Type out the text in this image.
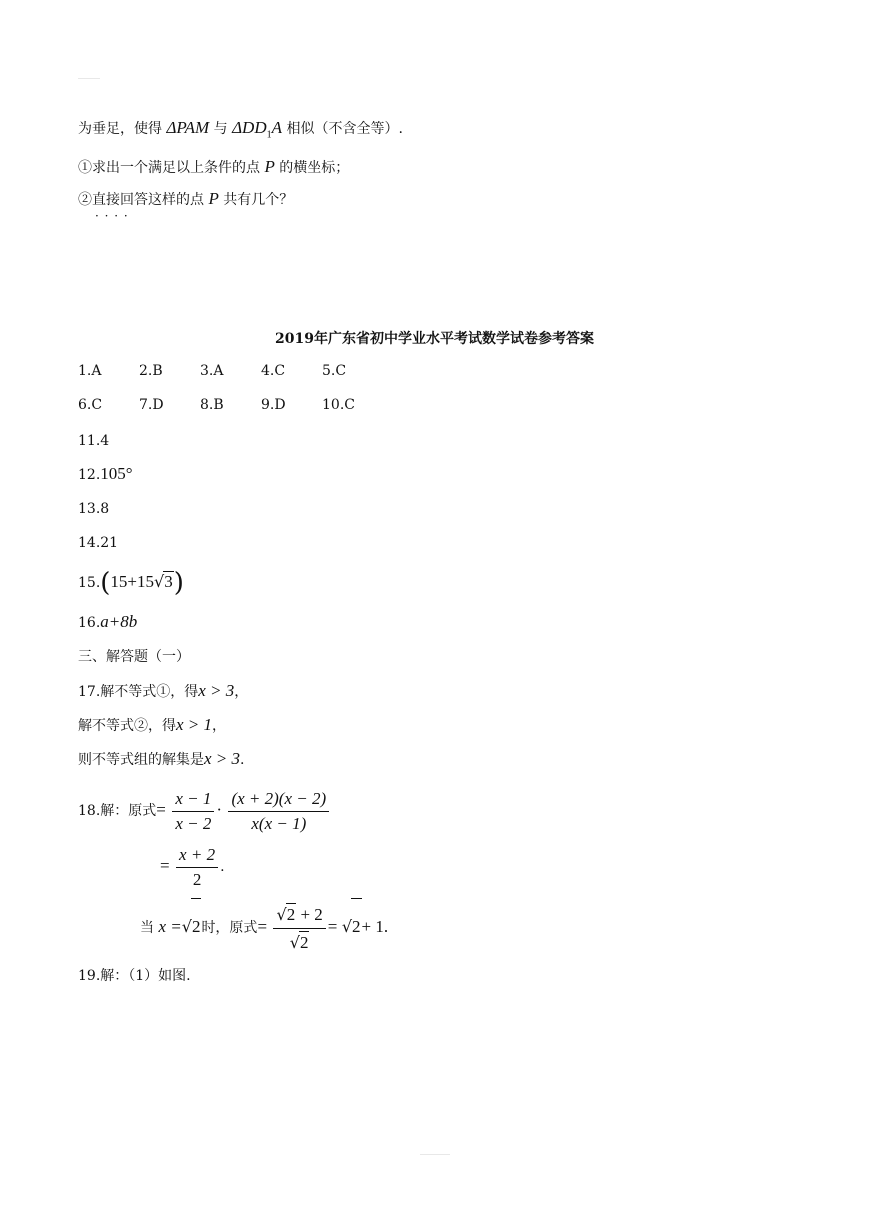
为垂足，使得 ΔPAM 与 $\Delta DD_1A$ 相似（不含全等）.
①求出一个满足以上条件的点 P 的横坐标；
②直接回答 · · · ·这样的点 P 共有几个？
2019年广东省初中学业水平考试数学试卷参考答案
1.A	2.B	3.A	4.C	5.C
6.C	7.D	8.B	9.D	10.C
11.4
12.105°
13.8
14.21
15.(15+15√3)
16.a+8b
三、解答题（一）
17.解不等式①，得x > 3，
解不等式②，得x > 1，
则不等式组的解集是x > 3.
18.解：原式= $\frac{x - 1}{x - 2} \cdot \frac{(x + 2)(x - 2)}{x(x - 1)}$
= $\frac{x + 2}{2}$ .
当 x =√2时，原式= $\frac{√2 + 2}{√2} = √2+ 1$.
19.解：（1）如图.
